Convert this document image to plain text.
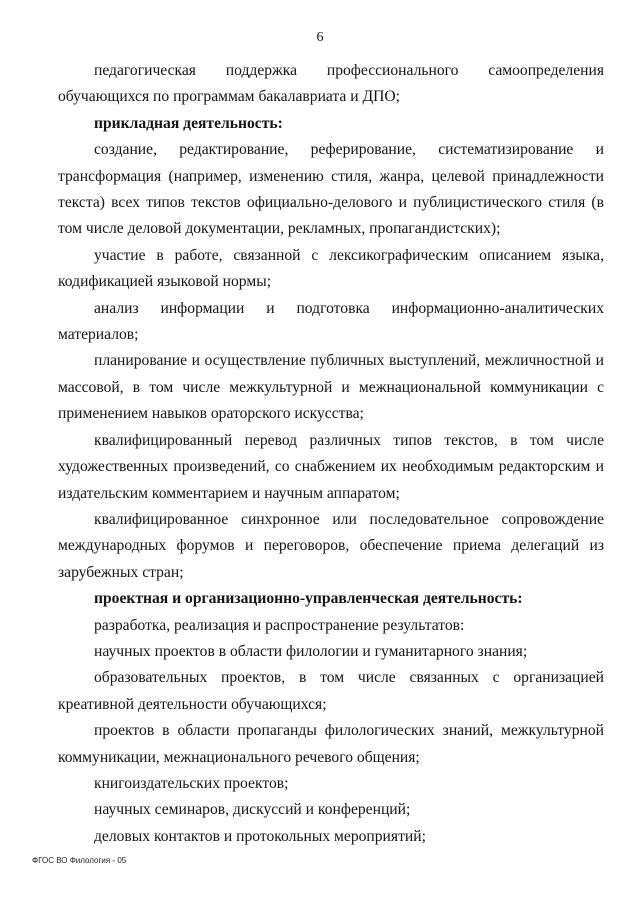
6

педагогическая поддержка профессионального самоопределения обучающихся по программам бакалавриата и ДПО;

прикладная деятельность:

создание, редактирование, реферирование, систематизирование и трансформация (например, изменению стиля, жанра, целевой принадлежности текста) всех типов текстов официально-делового и публицистического стиля (в том числе деловой документации, рекламных, пропагандистских);

участие в работе, связанной с лексикографическим описанием языка, кодификацией языковой нормы;

анализ информации и подготовка информационно-аналитических материалов;

планирование и осуществление публичных выступлений, межличностной и массовой, в том числе межкультурной и межнациональной коммуникации с применением навыков ораторского искусства;

квалифицированный перевод различных типов текстов, в том числе художественных произведений, со снабжением их необходимым редакторским и издательским комментарием и научным аппаратом;

квалифицированное синхронное или последовательное сопровождение международных форумов и переговоров, обеспечение приема делегаций из зарубежных стран;

проектная и организационно-управленческая деятельность:

разработка, реализация и распространение результатов:

научных проектов в области филологии и гуманитарного знания;

образовательных проектов, в том числе связанных с организацией креативной деятельности обучающихся;

проектов в области пропаганды филологических знаний, межкультурной коммуникации, межнационального речевого общения;

книгоиздательских проектов;

научных семинаров, дискуссий и конференций;

деловых контактов и протокольных мероприятий;

ФГОС ВО Филология - 05
